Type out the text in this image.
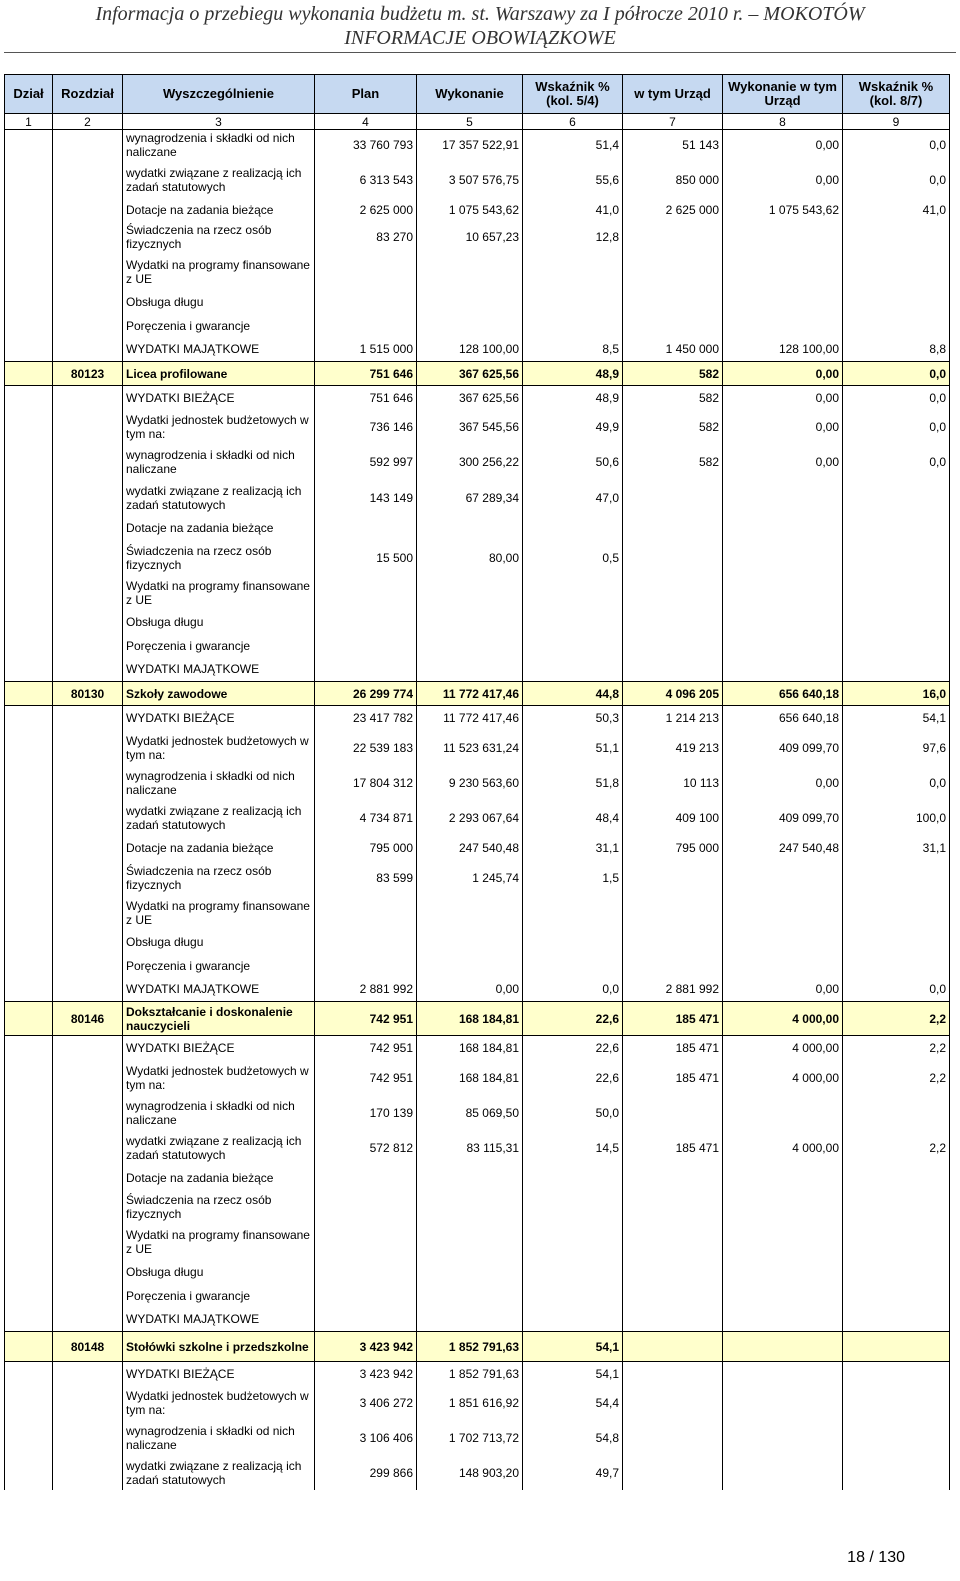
Informacja o przebiegu wykonania budżetu m. st. Warszawy za I półrocze 2010 r. – MOKOTÓW
INFORMACJE OBOWIĄZKOWE
Dział	Rozdział	Wyszczególnienie	Plan	Wykonanie	Wskaźnik % (kol. 5/4)	w tym Urząd	Wykonanie w tym Urząd	Wskaźnik % (kol. 8/7)
1	2	3	4	5	6	7	8	9
		wynagrodzenia i składki od nich naliczane	33 760 793	17 357 522,91	51,4	51 143	0,00	0,0
		wydatki związane z realizacją ich zadań statutowych	6 313 543	3 507 576,75	55,6	850 000	0,00	0,0
		Dotacje na zadania bieżące	2 625 000	1 075 543,62	41,0	2 625 000	1 075 543,62	41,0
		Świadczenia na rzecz osób fizycznych	83 270	10 657,23	12,8			
		Wydatki na programy finansowane z UE						
		Obsługa długu						
		Poręczenia i gwarancje						
		WYDATKI MAJĄTKOWE	1 515 000	128 100,00	8,5	1 450 000	128 100,00	8,8
	80123	Licea profilowane	751 646	367 625,56	48,9	582	0,00	0,0
		WYDATKI BIEŻĄCE	751 646	367 625,56	48,9	582	0,00	0,0
		Wydatki jednostek budżetowych w tym na:	736 146	367 545,56	49,9	582	0,00	0,0
		wynagrodzenia i składki od nich naliczane	592 997	300 256,22	50,6	582	0,00	0,0
		wydatki związane z realizacją ich zadań statutowych	143 149	67 289,34	47,0			
		Dotacje na zadania bieżące						
		Świadczenia na rzecz osób fizycznych	15 500	80,00	0,5			
		Wydatki na programy finansowane z UE						
		Obsługa długu						
		Poręczenia i gwarancje						
		WYDATKI MAJĄTKOWE						
	80130	Szkoły zawodowe	26 299 774	11 772 417,46	44,8	4 096 205	656 640,18	16,0
		WYDATKI BIEŻĄCE	23 417 782	11 772 417,46	50,3	1 214 213	656 640,18	54,1
		Wydatki jednostek budżetowych w tym na:	22 539 183	11 523 631,24	51,1	419 213	409 099,70	97,6
		wynagrodzenia i składki od nich naliczane	17 804 312	9 230 563,60	51,8	10 113	0,00	0,0
		wydatki związane z realizacją ich zadań statutowych	4 734 871	2 293 067,64	48,4	409 100	409 099,70	100,0
		Dotacje na zadania bieżące	795 000	247 540,48	31,1	795 000	247 540,48	31,1
		Świadczenia na rzecz osób fizycznych	83 599	1 245,74	1,5			
		Wydatki na programy finansowane z UE						
		Obsługa długu						
		Poręczenia i gwarancje						
		WYDATKI MAJĄTKOWE	2 881 992	0,00	0,0	2 881 992	0,00	0,0
	80146	Dokształcanie i doskonalenie nauczycieli	742 951	168 184,81	22,6	185 471	4 000,00	2,2
		WYDATKI BIEŻĄCE	742 951	168 184,81	22,6	185 471	4 000,00	2,2
		Wydatki jednostek budżetowych w tym na:	742 951	168 184,81	22,6	185 471	4 000,00	2,2
		wynagrodzenia i składki od nich naliczane	170 139	85 069,50	50,0			
		wydatki związane z realizacją ich zadań statutowych	572 812	83 115,31	14,5	185 471	4 000,00	2,2
		Dotacje na zadania bieżące						
		Świadczenia na rzecz osób fizycznych						
		Wydatki na programy finansowane z UE						
		Obsługa długu						
		Poręczenia i gwarancje						
		WYDATKI MAJĄTKOWE						
	80148	Stołówki szkolne i przedszkolne	3 423 942	1 852 791,63	54,1			
		WYDATKI BIEŻĄCE	3 423 942	1 852 791,63	54,1			
		Wydatki jednostek budżetowych w tym na:	3 406 272	1 851 616,92	54,4			
		wynagrodzenia i składki od nich naliczane	3 106 406	1 702 713,72	54,8			
		wydatki związane z realizacją ich zadań statutowych	299 866	148 903,20	49,7			
18 / 130
